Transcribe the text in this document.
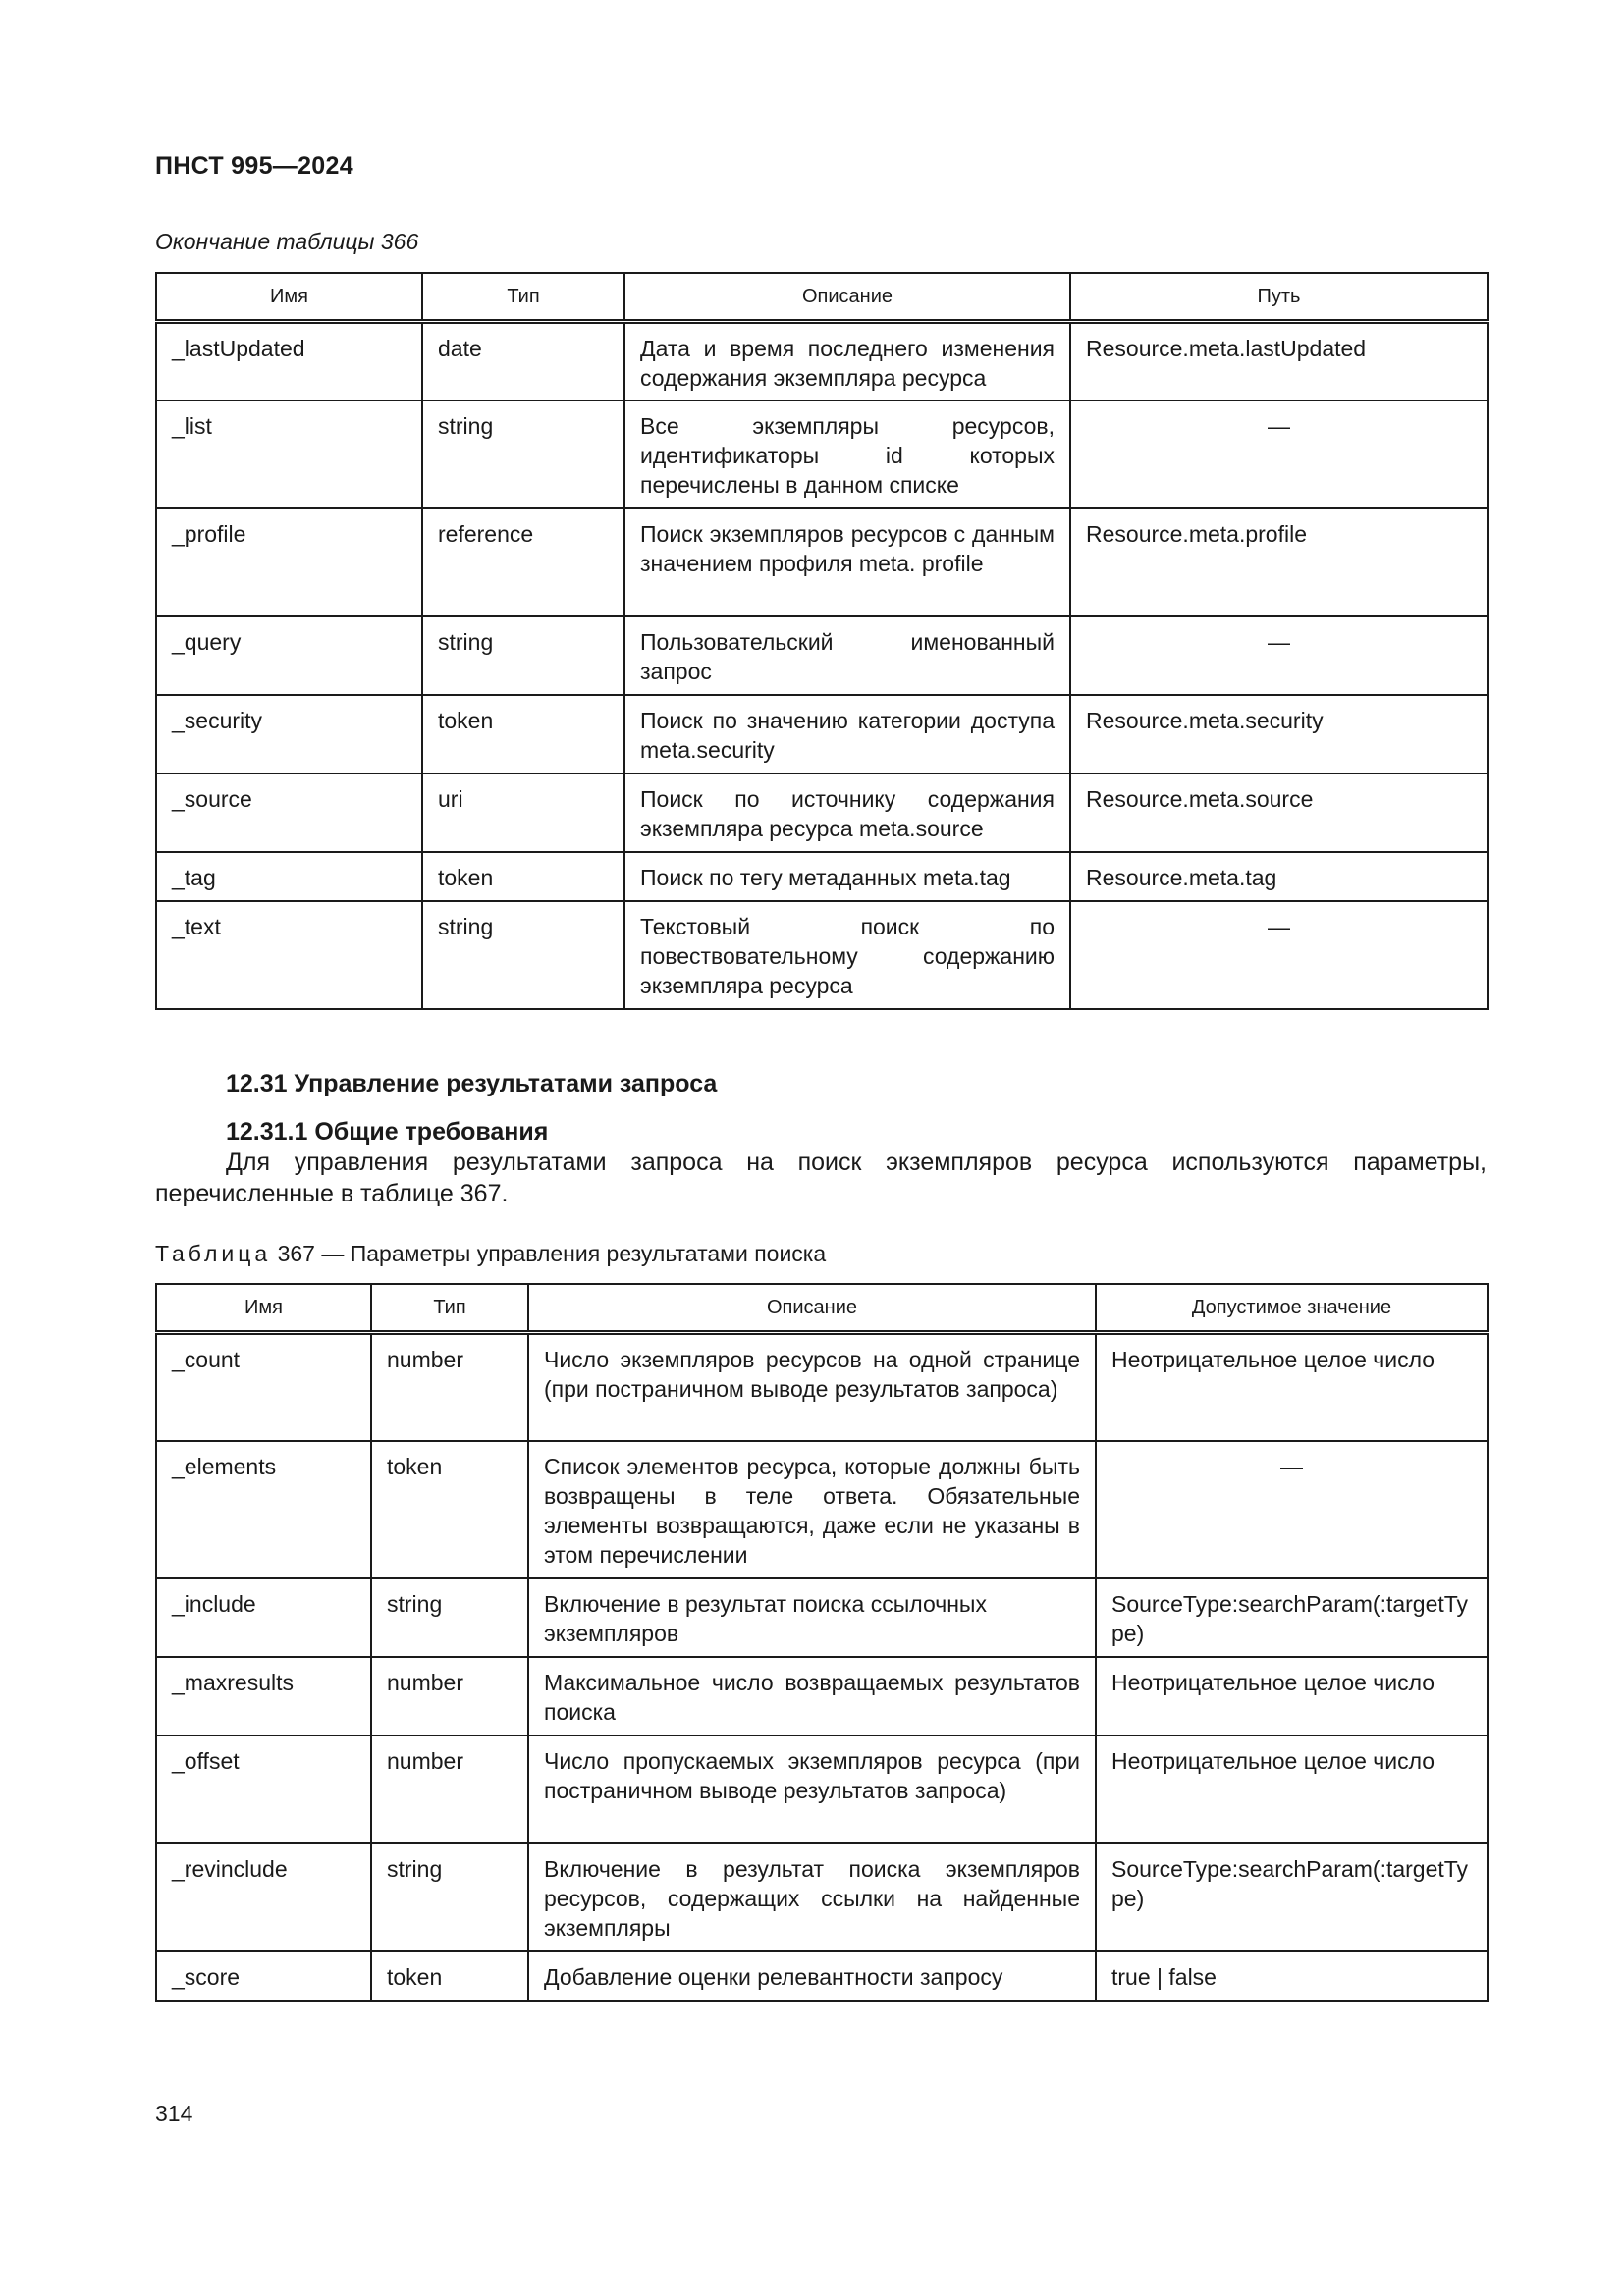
ПНСТ 995—2024
Окончание таблицы 366
Имя	Тип	Описание	Путь
_lastUpdated	date	Дата и время последнего изменения содержания экземпляра ресурса	Resource.meta.lastUpdated
_list	string	Все экземпляры ресурсов, идентификаторы id которых перечислены в данном списке	—
_profile	reference	Поиск экземпляров ресурсов с данным значением профиля meta. profile	Resource.meta.profile
_query	string	Пользовательский именованный запрос	—
_security	token	Поиск по значению категории доступа meta.security	Resource.meta.security
_source	uri	Поиск по источнику содержания экземпляра ресурса meta.source	Resource.meta.source
_tag	token	Поиск по тегу метаданных meta.tag	Resource.meta.tag
_text	string	Текстовый поиск по повествовательному содержанию экземпляра ресурса	—
12.31 Управление результатами запроса
12.31.1 Общие требования
Для управления результатами запроса на поиск экземпляров ресурса используются параметры, перечисленные в таблице 367.
Таблица 367 — Параметры управления результатами поиска
Имя	Тип	Описание	Допустимое значение
_count	number	Число экземпляров ресурсов на одной странице (при постраничном выводе результатов запроса)	Неотрицательное целое число
_elements	token	Список элементов ресурса, которые должны быть возвращены в теле ответа. Обязательные элементы возвращаются, даже если не указаны в этом перечислении	—
_include	string	Включение в результат поиска ссылочных экземпляров	SourceType:searchParam(:targetType)
_maxresults	number	Максимальное число возвращаемых результатов поиска	Неотрицательное целое число
_offset	number	Число пропускаемых экземпляров ресурса (при постраничном выводе результатов запроса)	Неотрицательное целое число
_revinclude	string	Включение в результат поиска экземпляров ресурсов, содержащих ссылки на найденные экземпляры	SourceType:searchParam(:targetType)
_score	token	Добавление оценки релевантности запросу	true | false
314
